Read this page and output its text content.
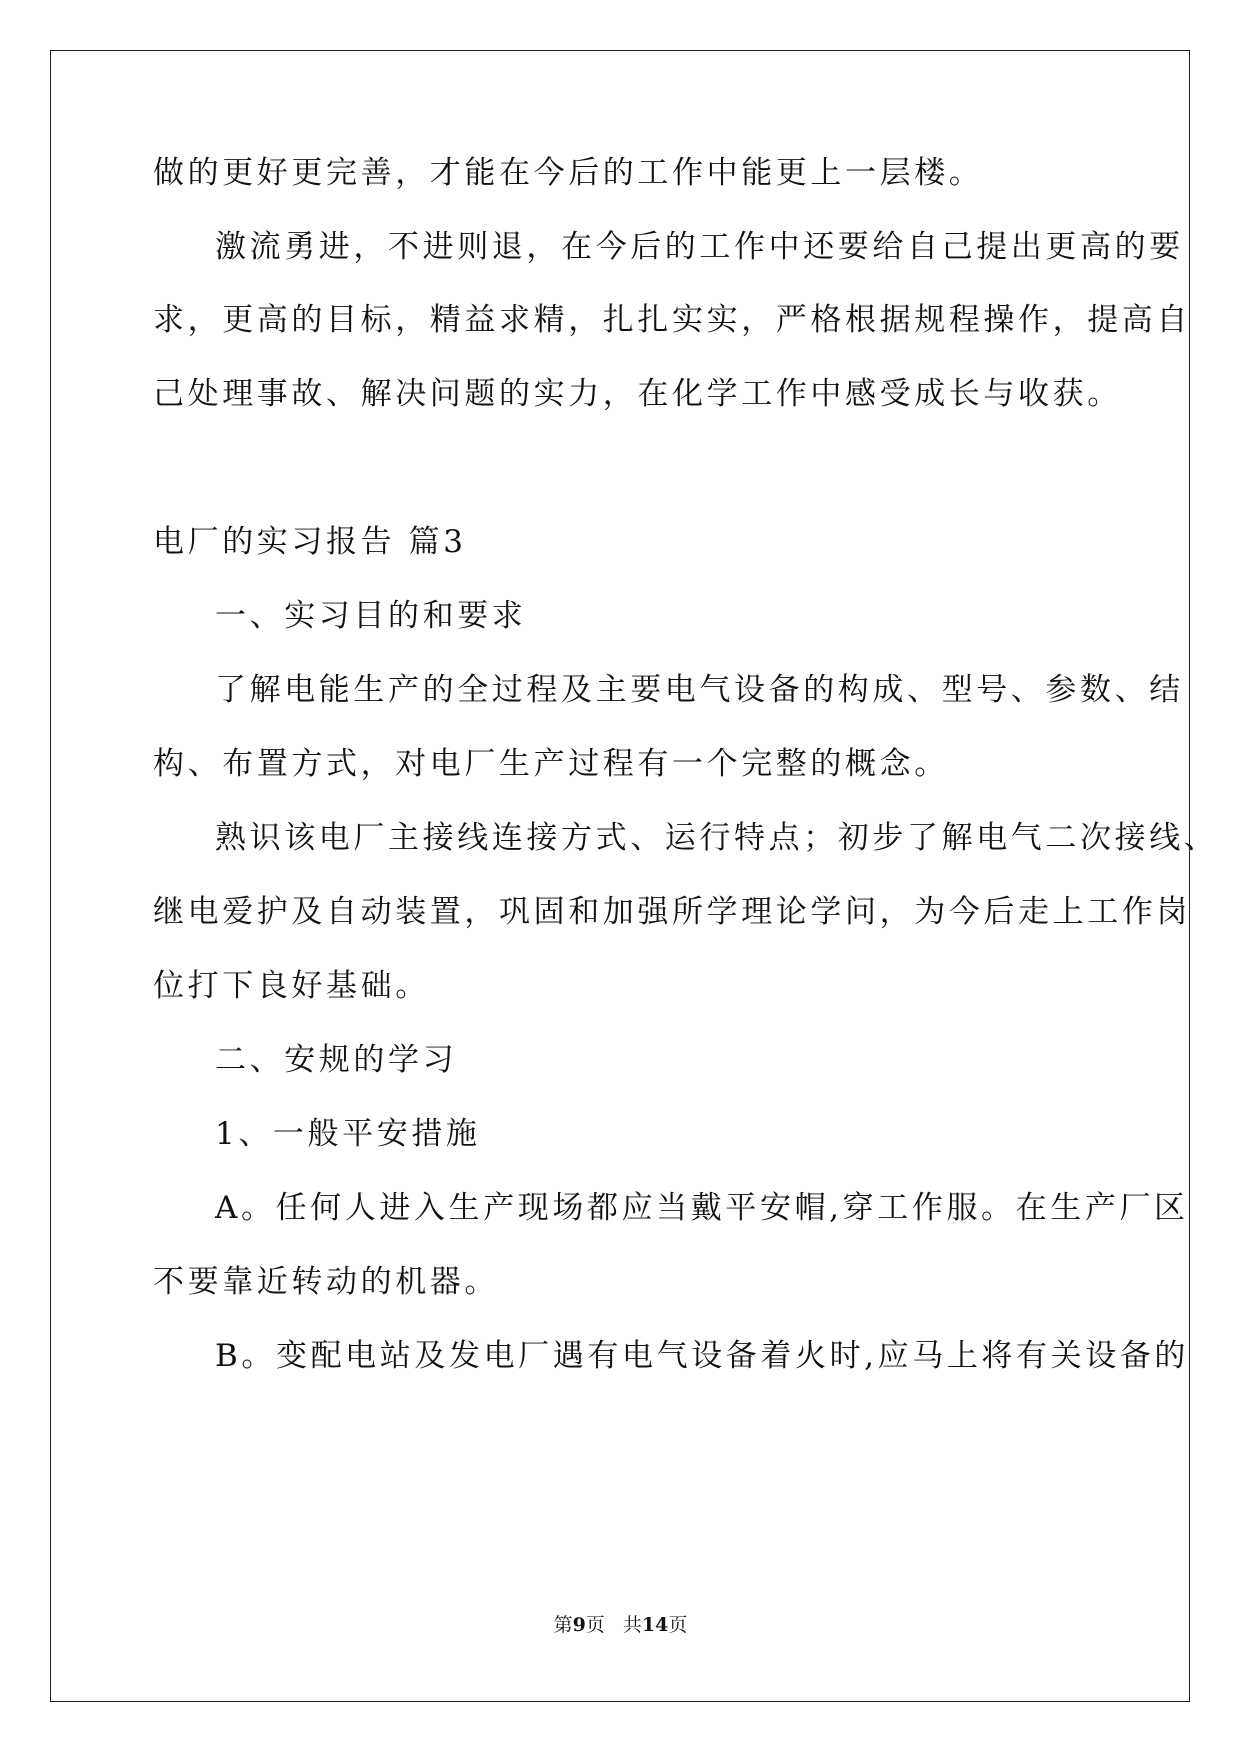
做的更好更完善，才能在今后的工作中能更上一层楼。
激流勇进，不进则退，在今后的工作中还要给自己提出更高的要
求，更高的目标，精益求精，扎扎实实，严格根据规程操作，提高自
己处理事故、解决问题的实力，在化学工作中感受成长与收获。
电厂的实习报告 篇3
一、实习目的和要求
了解电能生产的全过程及主要电气设备的构成、型号、参数、结
构、布置方式，对电厂生产过程有一个完整的概念。
熟识该电厂主接线连接方式、运行特点；初步了解电气二次接线、
继电爱护及自动装置，巩固和加强所学理论学问，为今后走上工作岗
位打下良好基础。
二、安规的学习
1、一般平安措施
A。任何人进入生产现场都应当戴平安帽,穿工作服。在生产厂区
不要靠近转动的机器。
B。变配电站及发电厂遇有电气设备着火时,应马上将有关设备的
第9页 共14页
